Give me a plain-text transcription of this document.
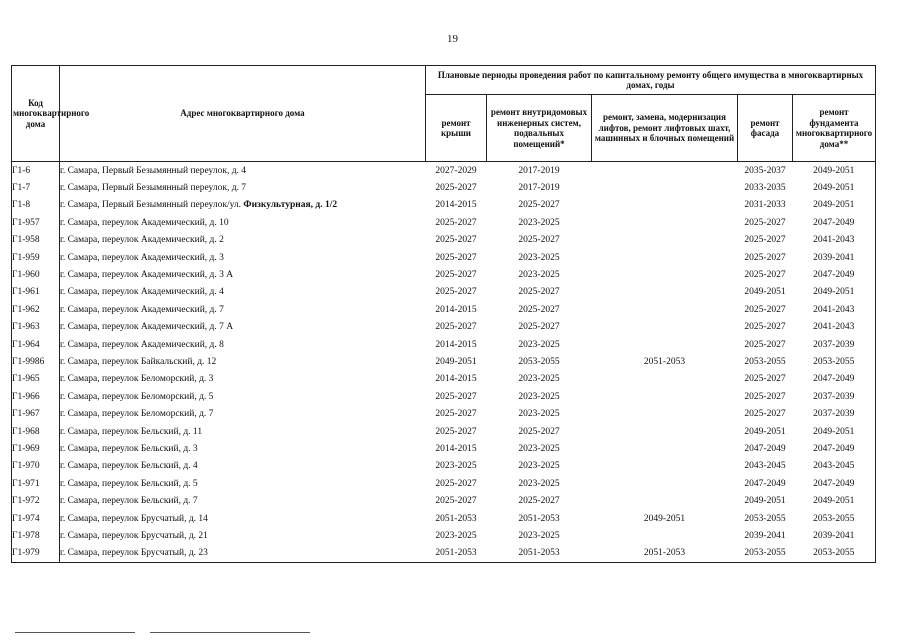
19
Код многоквартирного дома	Адрес многоквартирного дома	Плановые периоды проведения работ по капитальному ремонту общего имущества в многоквартирных домах, годы				
		ремонт крыши	ремонт внутридомовых инженерных систем, подвальных помещений*	ремонт, замена, модернизация лифтов, ремонт лифтовых шахт, машинных и блочных помещений	ремонт фасада	ремонт фундамента многоквартирного дома**
Г1-6	г. Самара, Первый Безымянный переулок, д. 4	2027-2029	2017-2019		2035-2037	2049-2051
Г1-7	г. Самара, Первый Безымянный переулок, д. 7	2025-2027	2017-2019		2033-2035	2049-2051
Г1-8	г. Самара, Первый Безымянный переулок/ул. Физкультурная, д. 1/2	2014-2015	2025-2027		2031-2033	2049-2051
Г1-957	г. Самара, переулок Академический, д. 10	2025-2027	2023-2025		2025-2027	2047-2049
Г1-958	г. Самара, переулок Академический, д. 2	2025-2027	2025-2027		2025-2027	2041-2043
Г1-959	г. Самара, переулок Академический, д. 3	2025-2027	2023-2025		2025-2027	2039-2041
Г1-960	г. Самара, переулок Академический, д. 3 А	2025-2027	2023-2025		2025-2027	2047-2049
Г1-961	г. Самара, переулок Академический, д. 4	2025-2027	2025-2027		2049-2051	2049-2051
Г1-962	г. Самара, переулок Академический, д. 7	2014-2015	2025-2027		2025-2027	2041-2043
Г1-963	г. Самара, переулок Академический, д. 7 А	2025-2027	2025-2027		2025-2027	2041-2043
Г1-964	г. Самара, переулок Академический, д. 8	2014-2015	2023-2025		2025-2027	2037-2039
Г1-9986	г. Самара, переулок Байкальский, д. 12	2049-2051	2053-2055	2051-2053	2053-2055	2053-2055
Г1-965	г. Самара, переулок Беломорский, д. 3	2014-2015	2023-2025		2025-2027	2047-2049
Г1-966	г. Самара, переулок Беломорский, д. 5	2025-2027	2023-2025		2025-2027	2037-2039
Г1-967	г. Самара, переулок Беломорский, д. 7	2025-2027	2023-2025		2025-2027	2037-2039
Г1-968	г. Самара, переулок Бельский, д. 11	2025-2027	2025-2027		2049-2051	2049-2051
Г1-969	г. Самара, переулок Бельский, д. 3	2014-2015	2023-2025		2047-2049	2047-2049
Г1-970	г. Самара, переулок Бельский, д. 4	2023-2025	2023-2025		2043-2045	2043-2045
Г1-971	г. Самара, переулок Бельский, д. 5	2025-2027	2023-2025		2047-2049	2047-2049
Г1-972	г. Самара, переулок Бельский, д. 7	2025-2027	2025-2027		2049-2051	2049-2051
Г1-974	г. Самара, переулок Брусчатый, д. 14	2051-2053	2051-2053	2049-2051	2053-2055	2053-2055
Г1-978	г. Самара, переулок Брусчатый, д. 21	2023-2025	2023-2025		2039-2041	2039-2041
Г1-979	г. Самара, переулок Брусчатый, д. 23	2051-2053	2051-2053	2051-2053	2053-2055	2053-2055
